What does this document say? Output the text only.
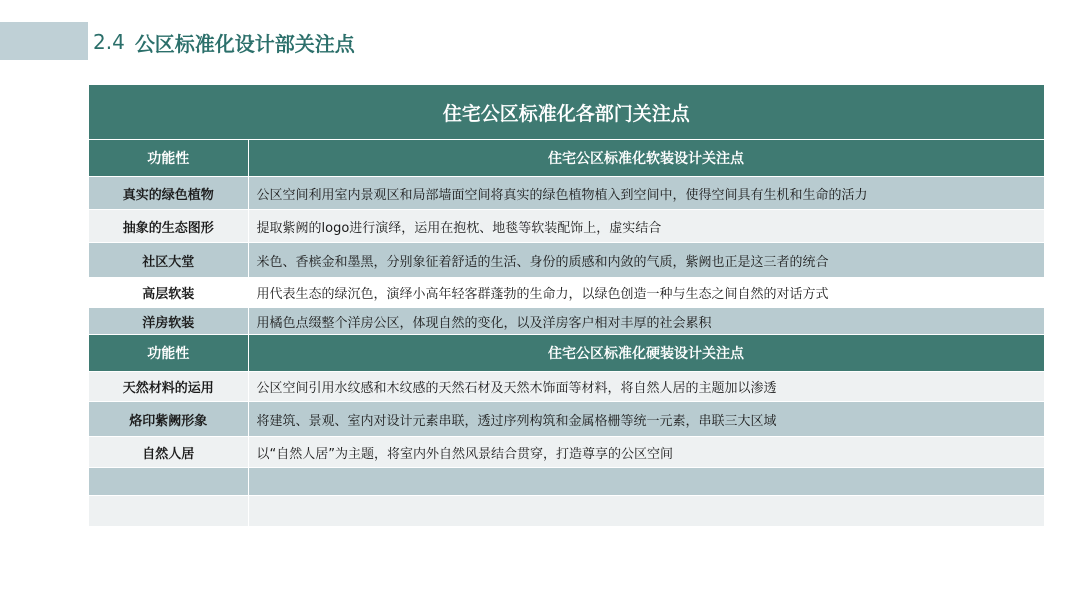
2.4 公区标准化设计部关注点
住宅公区标准化各部门关注点	
功能性	住宅公区标准化软装设计关注点
真实的绿色植物	公区空间利用室内景观区和局部墙面空间将真实的绿色植物植入到空间中，使得空间具有生机和生命的活力
抽象的生态图形	提取紫阙的logo进行演绎，运用在抱枕、地毯等软装配饰上，虚实结合
社区大堂	米色、香槟金和墨黑，分别象征着舒适的生活、身份的质感和内敛的气质，紫阙也正是这三者的统合
高层软装	用代表生态的绿沉色，演绎小高年轻客群蓬勃的生命力，以绿色创造一种与生态之间自然的对话方式
洋房软装	用橘色点缀整个洋房公区，体现自然的变化，以及洋房客户相对丰厚的社会累积
功能性	住宅公区标准化硬装设计关注点
天然材料的运用	公区空间引用水纹感和木纹感的天然石材及天然木饰面等材料，将自然人居的主题加以渗透
烙印紫阙形象	将建筑、景观、室内对设计元素串联，透过序列构筑和金属格栅等统一元素，串联三大区域
自然人居	以“自然人居”为主题，将室内外自然风景结合贯穿，打造尊享的公区空间
